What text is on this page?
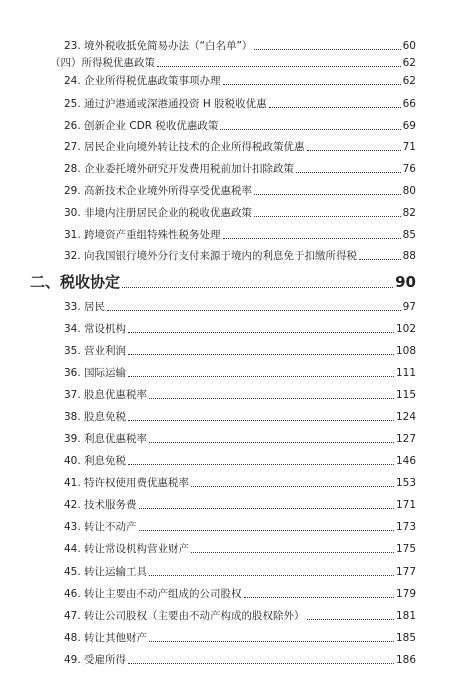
23. 境外税收抵免简易办法（“白名单”）	60
（四）所得税优惠政策	62
24. 企业所得税优惠政策事项办理	62
25. 通过沪港通或深港通投资 H 股税收优惠	66
26. 创新企业 CDR 税收优惠政策	69
27. 居民企业向境外转让技术的企业所得税政策优惠	71
28. 企业委托境外研究开发费用税前加计扣除政策	76
29. 高新技术企业境外所得享受优惠税率	80
30. 非境内注册居民企业的税收优惠政策	82
31. 跨境资产重组特殊性税务处理	85
32. 向我国银行境外分行支付来源于境内的利息免于扣缴所得税	88
二、税收协定	90
33. 居民	97
34. 常设机构	102
35. 营业利润	108
36. 国际运输	111
37. 股息优惠税率	115
38. 股息免税	124
39. 利息优惠税率	127
40. 利息免税	146
41. 特许权使用费优惠税率	153
42. 技术服务费	171
43. 转让不动产	173
44. 转让常设机构营业财产	175
45. 转让运输工具	177
46. 转让主要由不动产组成的公司股权	179
47. 转让公司股权（主要由不动产构成的股权除外）	181
48. 转让其他财产	185
49. 受雇所得	186
